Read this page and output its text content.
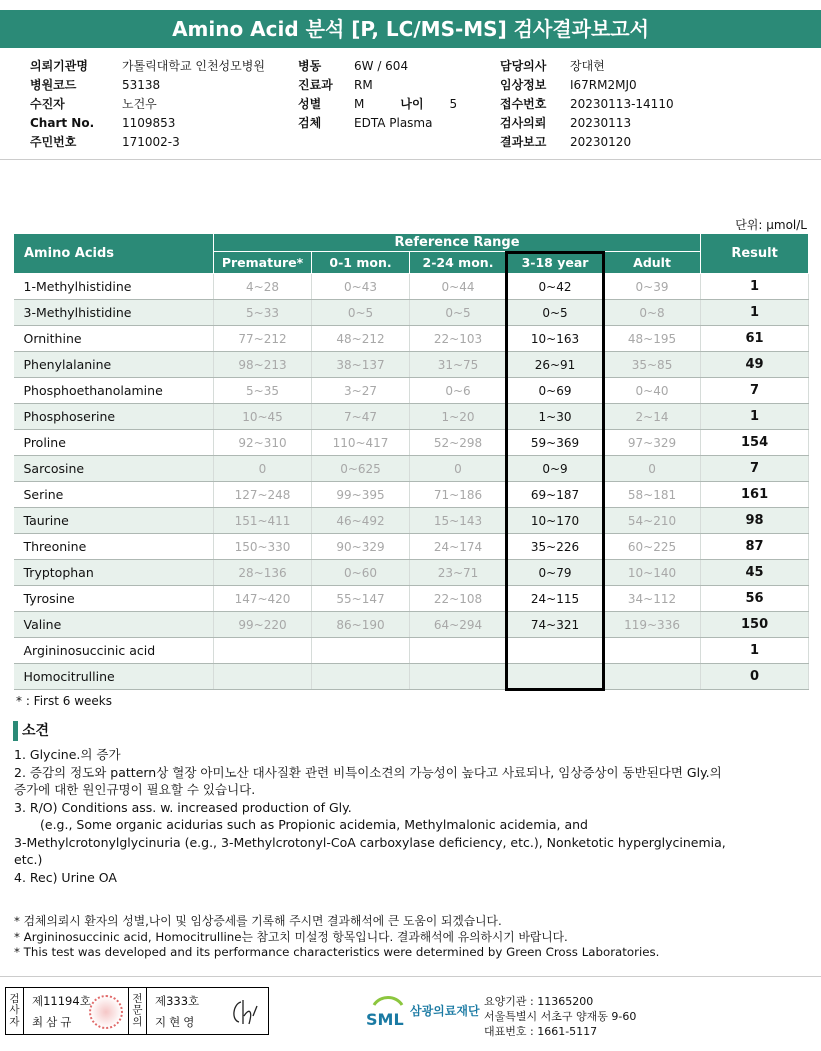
Amino Acid 분석 [P, LC/MS-MS] 검사결과보고서
의뢰기관명	가톨릭대학교 인천성모병원
병원코드	53138
수진자	노건우
Chart No.	1109853
주민번호	171002-3
병동	6W / 604
진료과	RM
성별	M	나이 5
검체	EDTA Plasma
담당의사	장대현
임상정보	I67RM2MJ0
접수번호	20230113-14110
검사의뢰	20230113
결과보고	20230120
단위: μmol/L
Amino Acids	Reference Range					Result
	Premature*	0-1 mon.	2-24 mon.	3-18 year	Adult	
1-Methylhistidine	4~28	0~43	0~44	0~42	0~39	1
3-Methylhistidine	5~33	0~5	0~5	0~5	0~8	1
Ornithine	77~212	48~212	22~103	10~163	48~195	61
Phenylalanine	98~213	38~137	31~75	26~91	35~85	49
Phosphoethanolamine	5~35	3~27	0~6	0~69	0~40	7
Phosphoserine	10~45	7~47	1~20	1~30	2~14	1
Proline	92~310	110~417	52~298	59~369	97~329	154
Sarcosine	0	0~625	0	0~9	0	7
Serine	127~248	99~395	71~186	69~187	58~181	161
Taurine	151~411	46~492	15~143	10~170	54~210	98
Threonine	150~330	90~329	24~174	35~226	60~225	87
Tryptophan	28~136	0~60	23~71	0~79	10~140	45
Tyrosine	147~420	55~147	22~108	24~115	34~112	56
Valine	99~220	86~190	64~294	74~321	119~336	150
Argininosuccinic acid						1
Homocitrulline						0
* : First 6 weeks
소견
1. Glycine.의 증가
2. 증감의 정도와 pattern상 혈장 아미노산 대사질환 관련 비특이소견의 가능성이 높다고 사료되나, 임상증상이 동반된다면 Gly.의
증가에 대한 원인규명이 필요할 수 있습니다.
3. R/O) Conditions ass. w. increased production of Gly.
(e.g., Some organic acidurias such as Propionic acidemia, Methylmalonic acidemia, and
3-Methylcrotonylglycinuria (e.g., 3-Methylcrotonyl-CoA carboxylase deficiency, etc.), Nonketotic hyperglycinemia,
etc.)
4. Rec) Urine OA
* 검체의뢰시 환자의 성별,나이 및 임상증세를 기록해 주시면 결과해석에 큰 도움이 되겠습니다.
* Argininosuccinic acid, Homocitrulline는 참고치 미설정 항목입니다. 결과해석에 유의하시기 바랍니다.
* This test was developed and its performance characteristics were determined by Green Cross Laboratories.
검
사
자
제11194호
최삼규
전
문
의
제333호
지현영	SML 삼광의료재단
요양기관 : 11365200
서울특별시 서초구 양재동 9-60
대표번호 : 1661-5117
